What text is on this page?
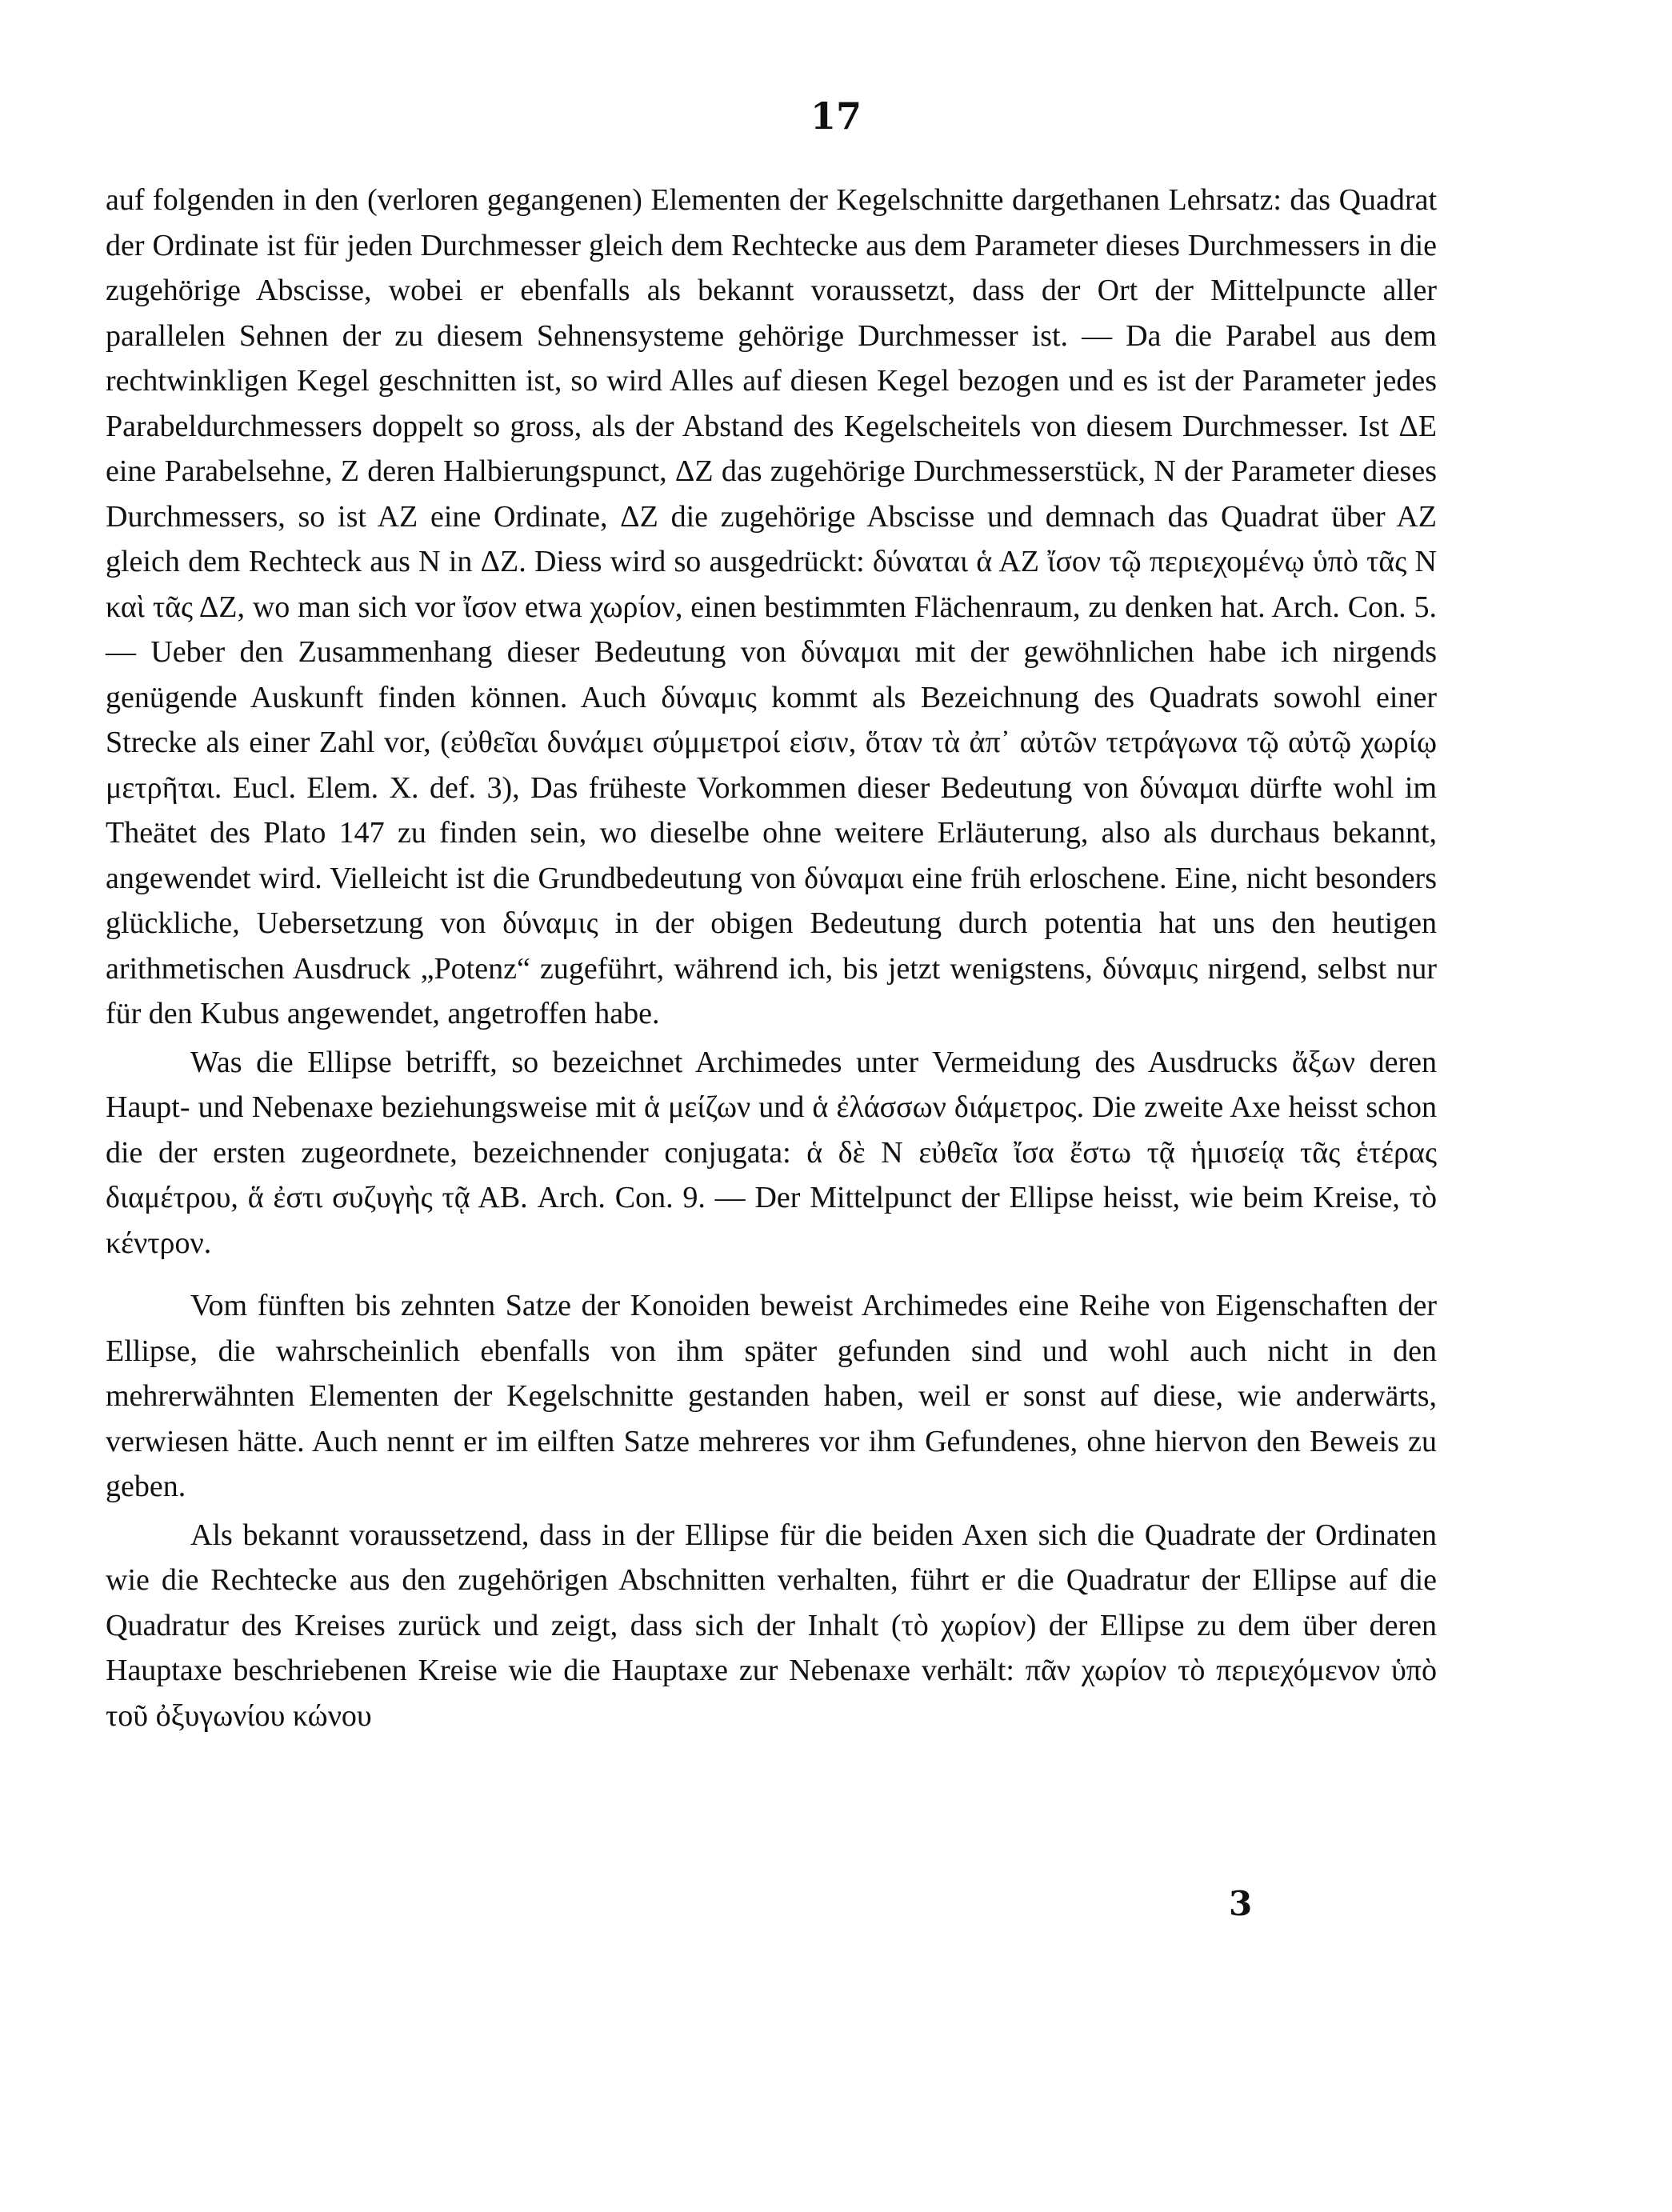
17

auf folgenden in den (verloren gegangenen) Elementen der Kegelschnitte dargethanen Lehrsatz: das Quadrat der Ordinate ist für jeden Durchmesser gleich dem Rechtecke aus dem Parameter dieses Durchmessers in die zugehörige Abscisse, wobei er ebenfalls als bekannt voraussetzt, dass der Ort der Mittelpuncte aller parallelen Sehnen der zu diesem Sehnensysteme gehörige Durchmesser ist. — Da die Parabel aus dem rechtwinkligen Kegel geschnitten ist, so wird Alles auf diesen Kegel bezogen und es ist der Parameter jedes Parabeldurchmessers doppelt so gross, als der Abstand des Kegelscheitels von diesem Durchmesser. Ist ΔE eine Parabelsehne, Z deren Halbierungspunct, ΔZ das zugehörige Durchmesserstück, N der Parameter dieses Durchmessers, so ist AZ eine Ordinate, ΔZ die zugehörige Abscisse und demnach das Quadrat über AZ gleich dem Rechteck aus N in ΔZ. Diess wird so ausgedrückt: δύναται ἁ ΑΖ ἴσον τῷ περιεχομένῳ ὑπὸ τᾶς Ν καὶ τᾶς ΔΖ, wo man sich vor ἴσον etwa χωρίον, einen bestimmten Flächenraum, zu denken hat. Arch. Con. 5. — Ueber den Zusammenhang dieser Bedeutung von δύναμαι mit der gewöhnlichen habe ich nirgends genügende Auskunft finden können. Auch δύναμις kommt als Bezeichnung des Quadrats sowohl einer Strecke als einer Zahl vor, (εὐθεῖαι δυνάμει σύμμετροί εἰσιν, ὅταν τὰ ἀπ᾽ αὐτῶν τετράγωνα τῷ αὐτῷ χωρίῳ μετρῆται. Eucl. Elem. X. def. 3), Das früheste Vorkommen dieser Bedeutung von δύναμαι dürfte wohl im Theätet des Plato 147 zu finden sein, wo dieselbe ohne weitere Erläuterung, also als durchaus bekannt, angewendet wird. Vielleicht ist die Grundbedeutung von δύναμαι eine früh erloschene. Eine, nicht besonders glückliche, Uebersetzung von δύναμις in der obigen Bedeutung durch potentia hat uns den heutigen arithmetischen Ausdruck „Potenz“ zugeführt, während ich, bis jetzt wenigstens, δύναμις nirgend, selbst nur für den Kubus angewendet, angetroffen habe.

Was die Ellipse betrifft, so bezeichnet Archimedes unter Vermeidung des Ausdrucks ἄξων deren Haupt- und Nebenaxe beziehungsweise mit ἁ μείζων und ἁ ἐλάσσων διάμετρος. Die zweite Axe heisst schon die der ersten zugeordnete, bezeichnender conjugata: ἁ δὲ Ν εὐθεῖα ἴσα ἔστω τᾷ ἡμισείᾳ τᾶς ἑτέρας διαμέτρου, ἅ ἐστι συζυγὴς τᾷ ΑΒ. Arch. Con. 9. — Der Mittelpunct der Ellipse heisst, wie beim Kreise, τὸ κέντρον.

Vom fünften bis zehnten Satze der Konoiden beweist Archimedes eine Reihe von Eigenschaften der Ellipse, die wahrscheinlich ebenfalls von ihm später gefunden sind und wohl auch nicht in den mehrerwähnten Elementen der Kegelschnitte gestanden haben, weil er sonst auf diese, wie anderwärts, verwiesen hätte. Auch nennt er im eilften Satze mehreres vor ihm Gefundenes, ohne hiervon den Beweis zu geben.

Als bekannt voraussetzend, dass in der Ellipse für die beiden Axen sich die Quadrate der Ordinaten wie die Rechtecke aus den zugehörigen Abschnitten verhalten, führt er die Quadratur der Ellipse auf die Quadratur des Kreises zurück und zeigt, dass sich der Inhalt (τὸ χωρίον) der Ellipse zu dem über deren Hauptaxe beschriebenen Kreise wie die Hauptaxe zur Nebenaxe verhält: πᾶν χωρίον τὸ περιεχόμενον ὑπὸ τοῦ ὀξυγωνίου κώνου

3
